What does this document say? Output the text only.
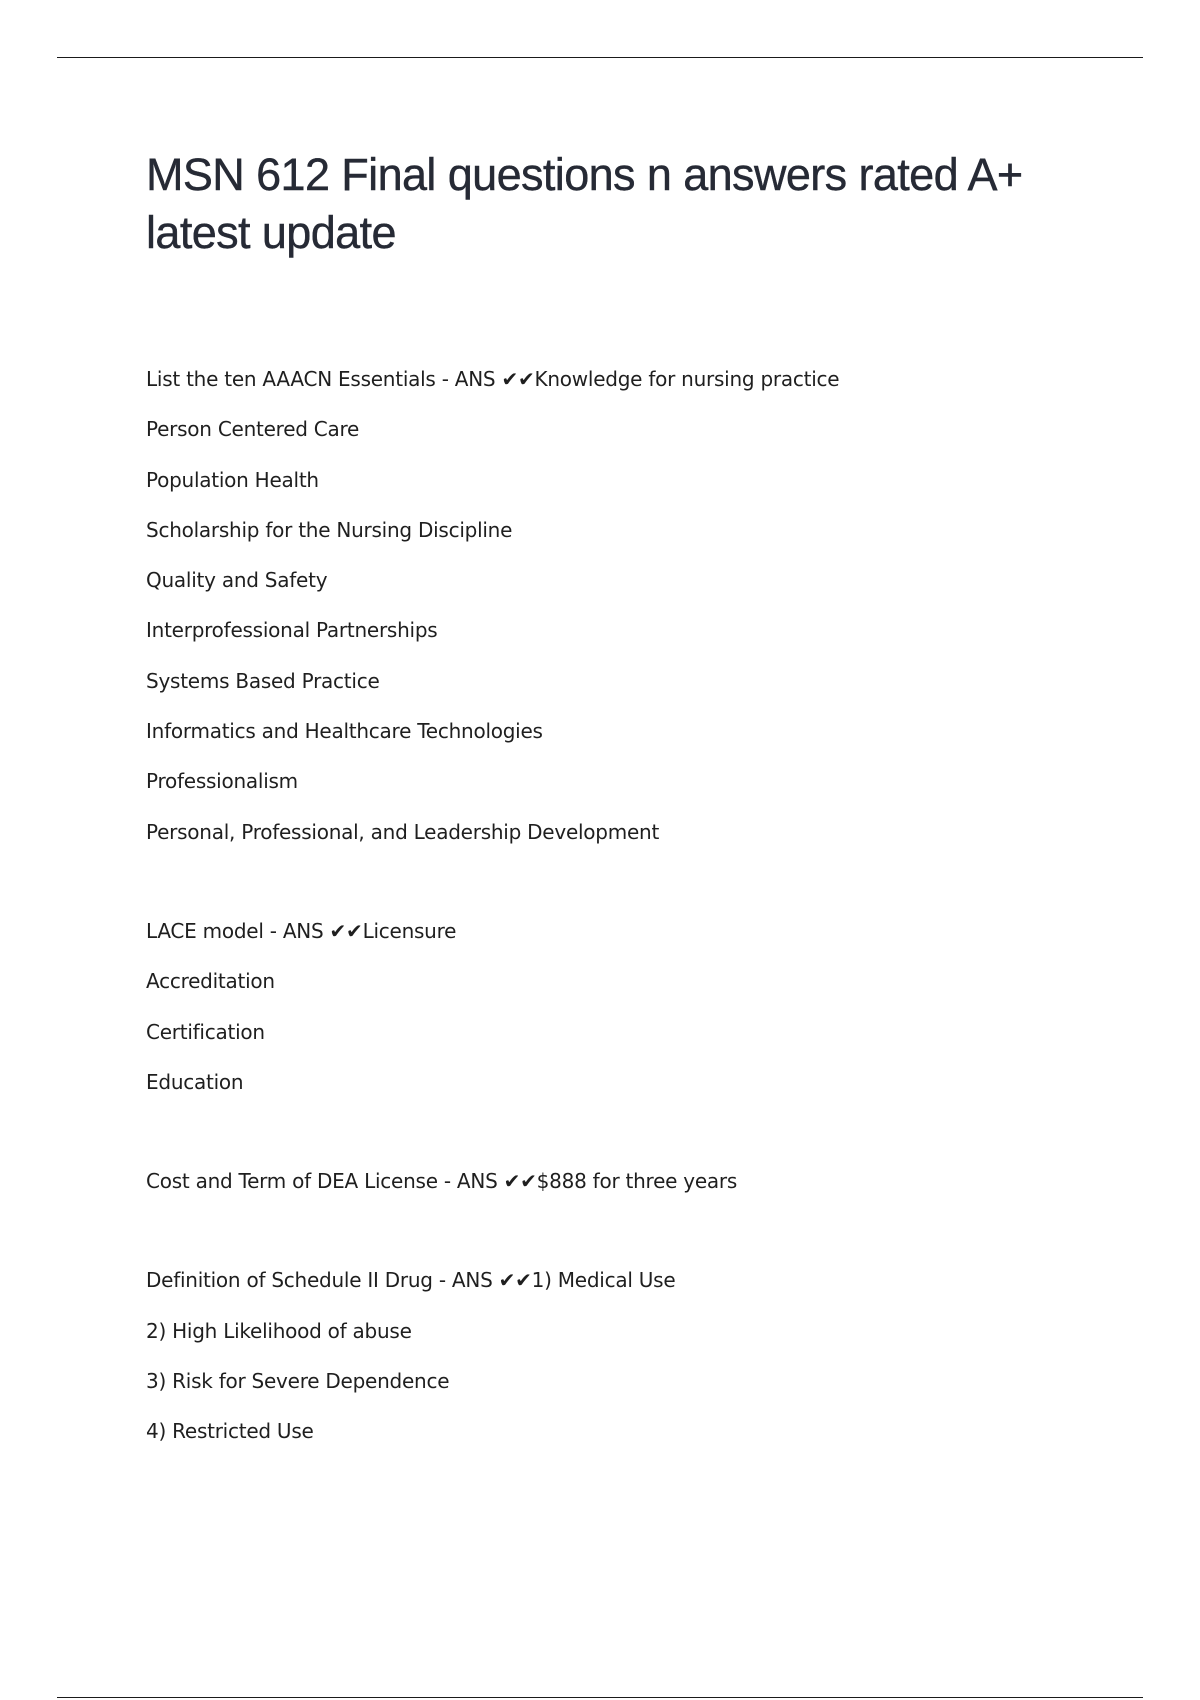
MSN 612 Final questions n answers rated A+ latest update
List the ten AAACN Essentials - ANS ✔✔Knowledge for nursing practice
Person Centered Care
Population Health
Scholarship for the Nursing Discipline
Quality and Safety
Interprofessional Partnerships
Systems Based Practice
Informatics and Healthcare Technologies
Professionalism
Personal, Professional, and Leadership Development
LACE model - ANS ✔✔Licensure
Accreditation
Certification
Education
Cost and Term of DEA License - ANS ✔✔$888 for three years
Definition of Schedule II Drug - ANS ✔✔1) Medical Use
2) High Likelihood of abuse
3) Risk for Severe Dependence
4) Restricted Use
